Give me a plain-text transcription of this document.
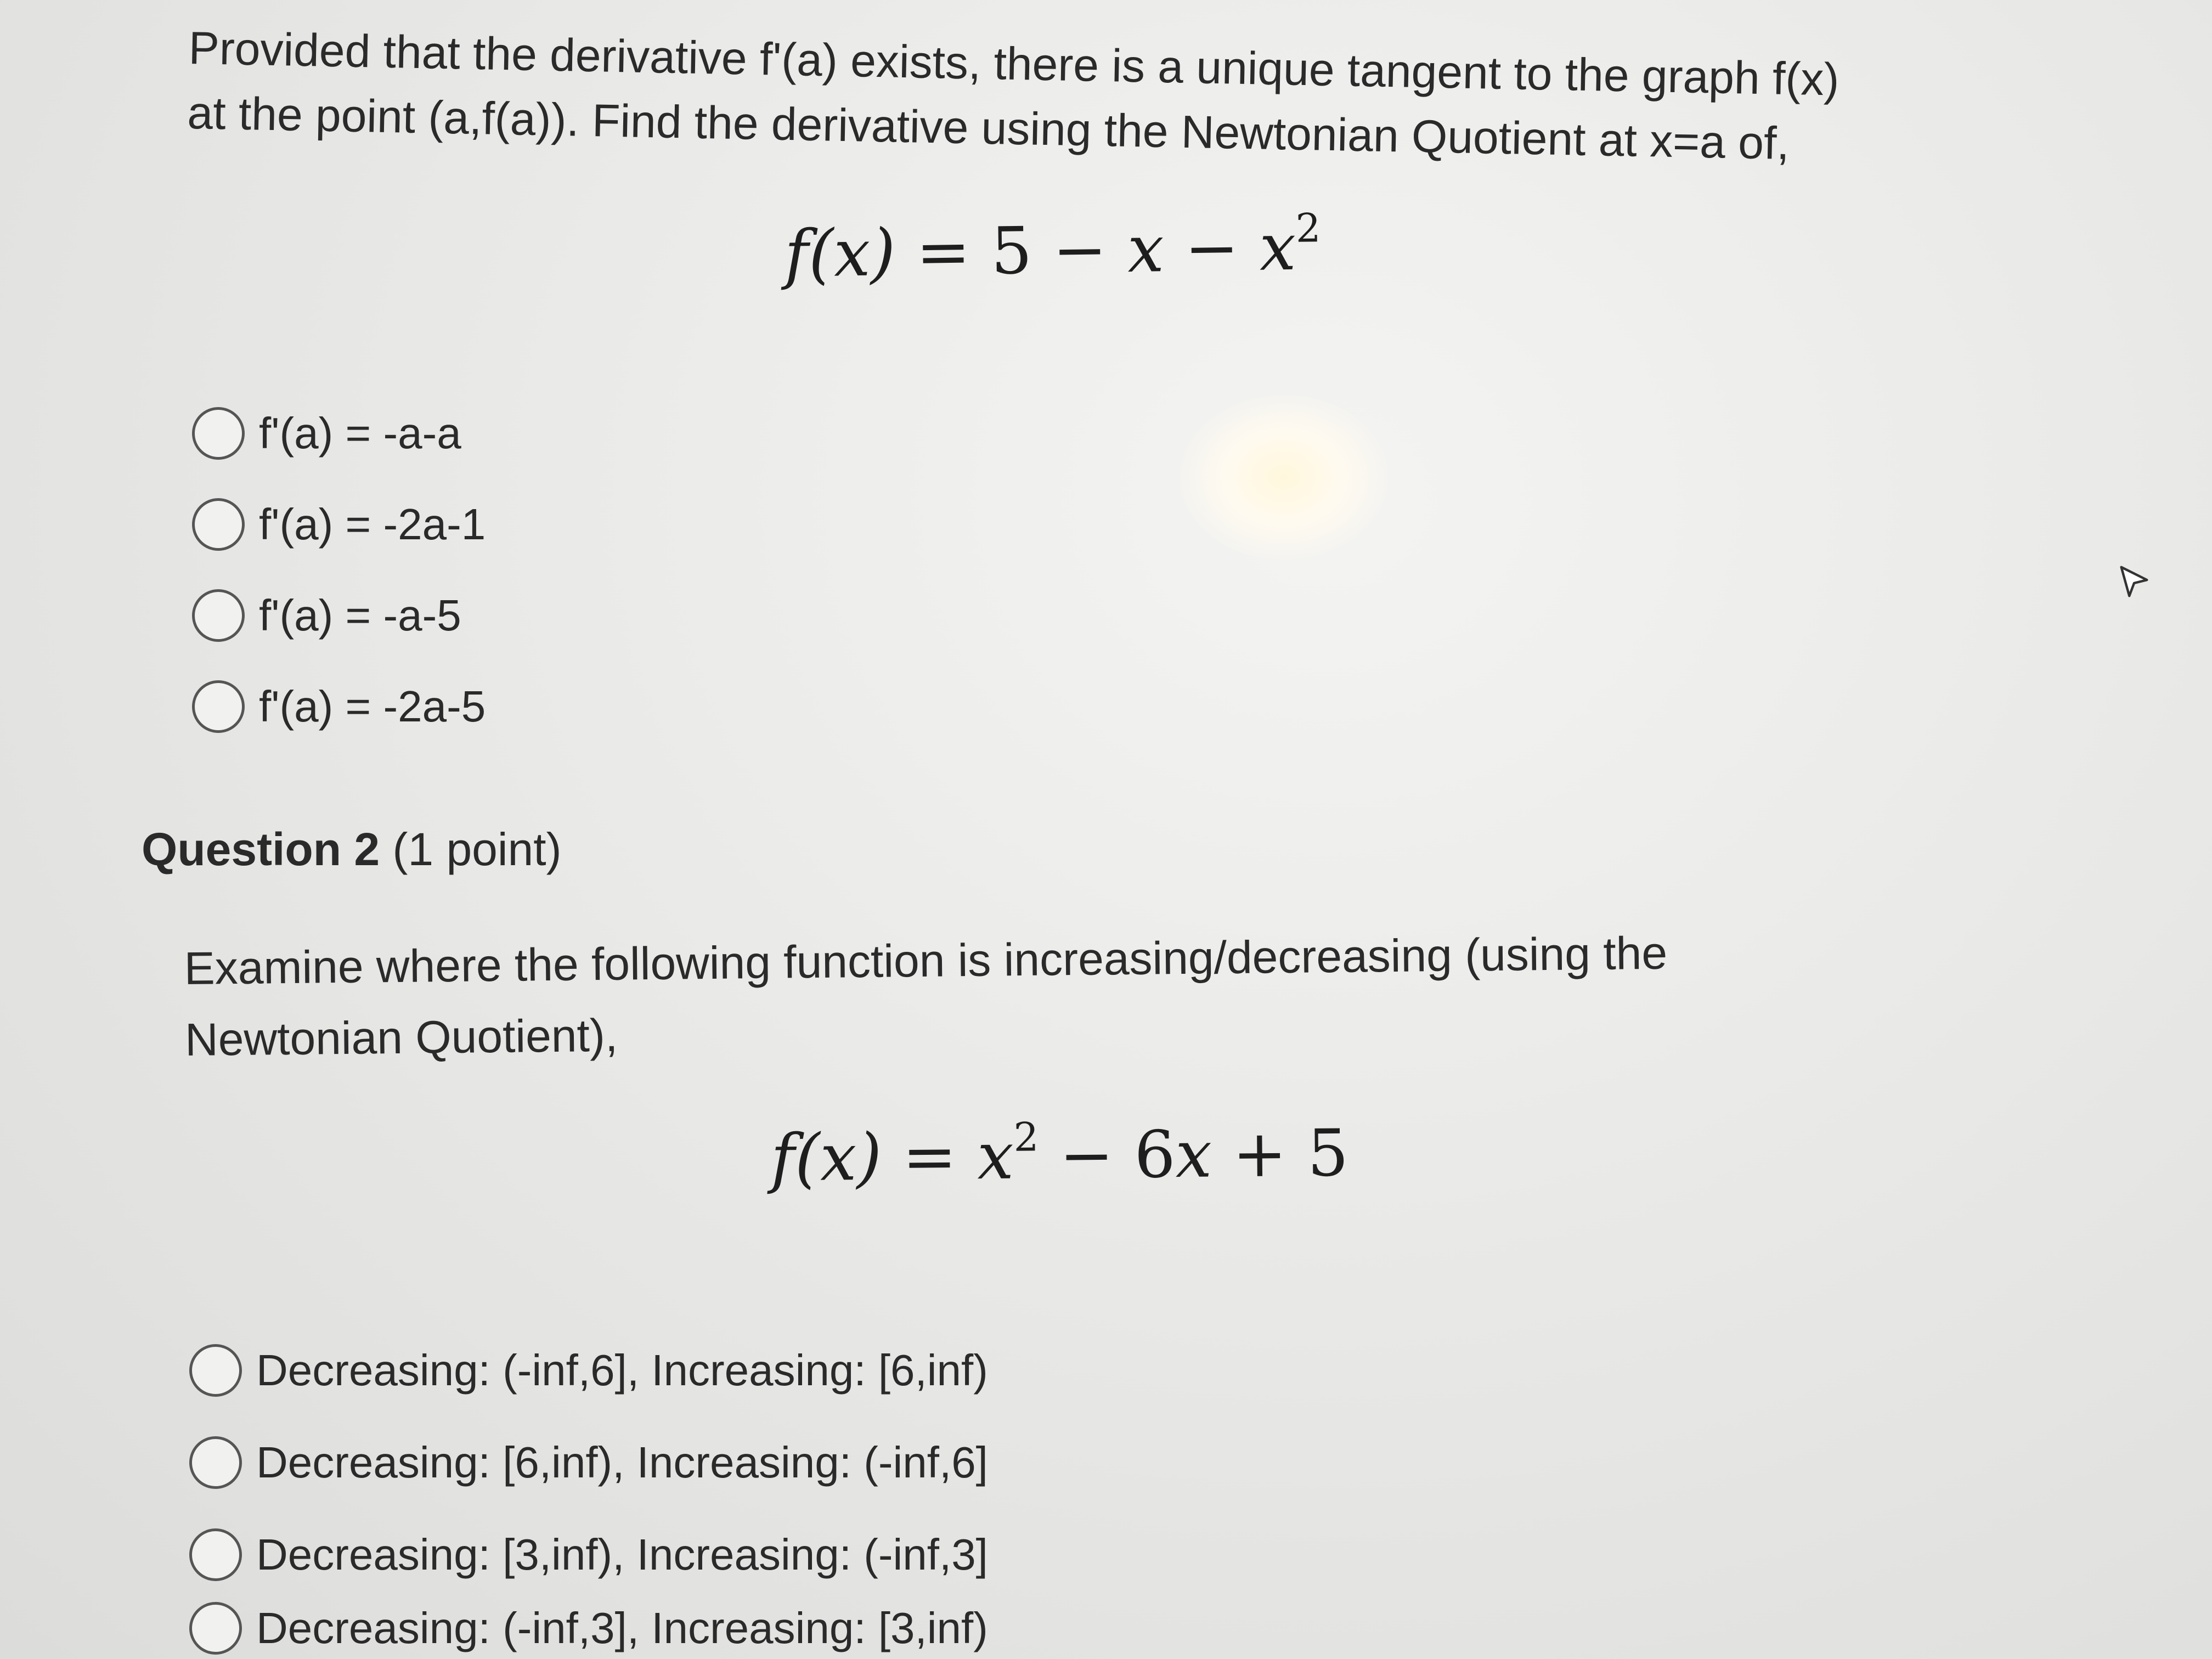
Provided that the derivative f'(a) exists, there is a unique tangent to the graph f(x) at the point (a,f(a)). Find the derivative using the Newtonian Quotient at x=a of,
$f(x) = 5 - x - x^2$
f'(a) = -a-a
f'(a) = -2a-1
f'(a) = -a-5
f'(a) = -2a-5
Question 2 (1 point)
Examine where the following function is increasing/decreasing (using the Newtonian Quotient),
$f(x) = x^2 - 6x + 5$
Decreasing: (-inf,6], Increasing: [6,inf)
Decreasing: [6,inf), Increasing: (-inf,6]
Decreasing: [3,inf), Increasing: (-inf,3]
Decreasing: (-inf,3], Increasing: [3,inf)
